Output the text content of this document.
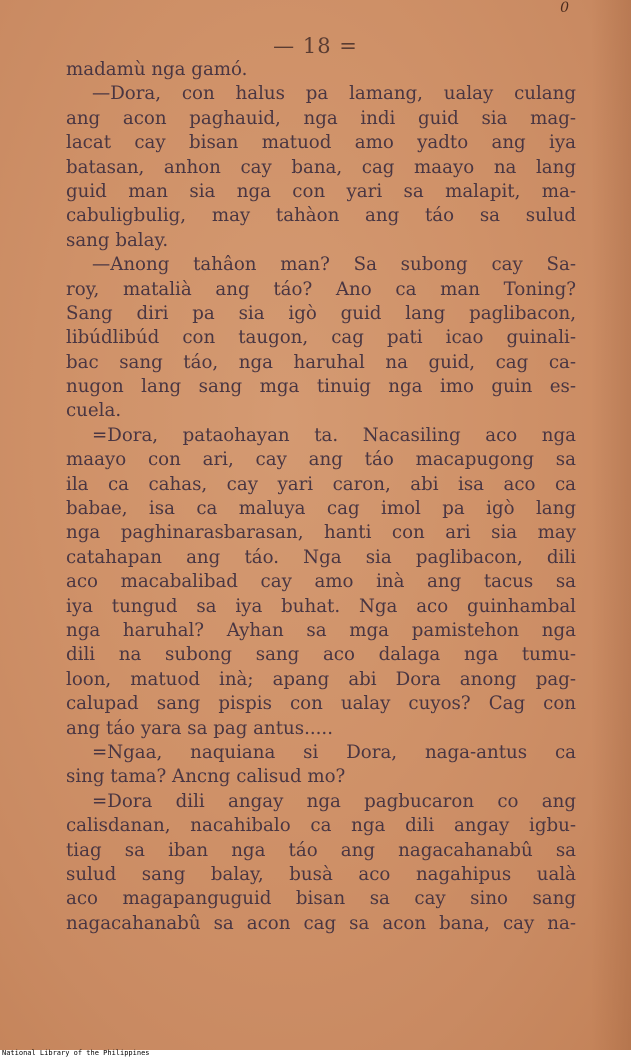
0
— 18 =
madamù nga gamó.
—Dora, con halus pa lamang, ualay culang
ang acon paghauid, nga indi guid sia mag-
lacat cay bisan matuod amo yadto ang iya
batasan, anhon cay bana, cag maayo na lang
guid man sia nga con yari sa malapit, ma-
cabuligbulig, may tahàon ang táo sa sulud
sang balay.
—Anong tahâon man? Sa subong cay Sa-
roy, matalià ang táo? Ano ca man Toning?
Sang diri pa sia igò guid lang paglibacon,
libúdlibúd con taugon, cag pati icao guinali-
bac sang táo, nga haruhal na guid, cag ca-
nugon lang sang mga tinuig nga imo guin es-
cuela.
=Dora, pataohayan ta. Nacasiling aco nga
maayo con ari, cay ang táo macapugong sa
ila ca cahas, cay yari caron, abi isa aco ca
babae, isa ca maluya cag imol pa igò lang
nga paghinarasbarasan, hanti con ari sia may
catahapan ang táo. Nga sia paglibacon, dili
aco macabalibad cay amo inà ang tacus sa
iya tungud sa iya buhat. Nga aco guinhambal
nga haruhal? Ayhan sa mga pamistehon nga
dili na subong sang aco dalaga nga tumu-
loon, matuod inà; apang abi Dora anong pag-
calupad sang pispis con ualay cuyos? Cag con
ang táo yara sa pag antus.....
=Ngaa, naquiana si Dora, naga-antus ca
sing tama? Ancng calisud mo?
=Dora dili angay nga pagbucaron co ang
calisdanan, nacahibalo ca nga dili angay igbu-
tiag sa iban nga táo ang nagacahanabû sa
sulud sang balay, busà aco nagahipus ualà
aco magapanguguid bisan sa cay sino sang
nagacahanabû sa acon cag sa acon bana, cay na-
National Library of the Philippines
